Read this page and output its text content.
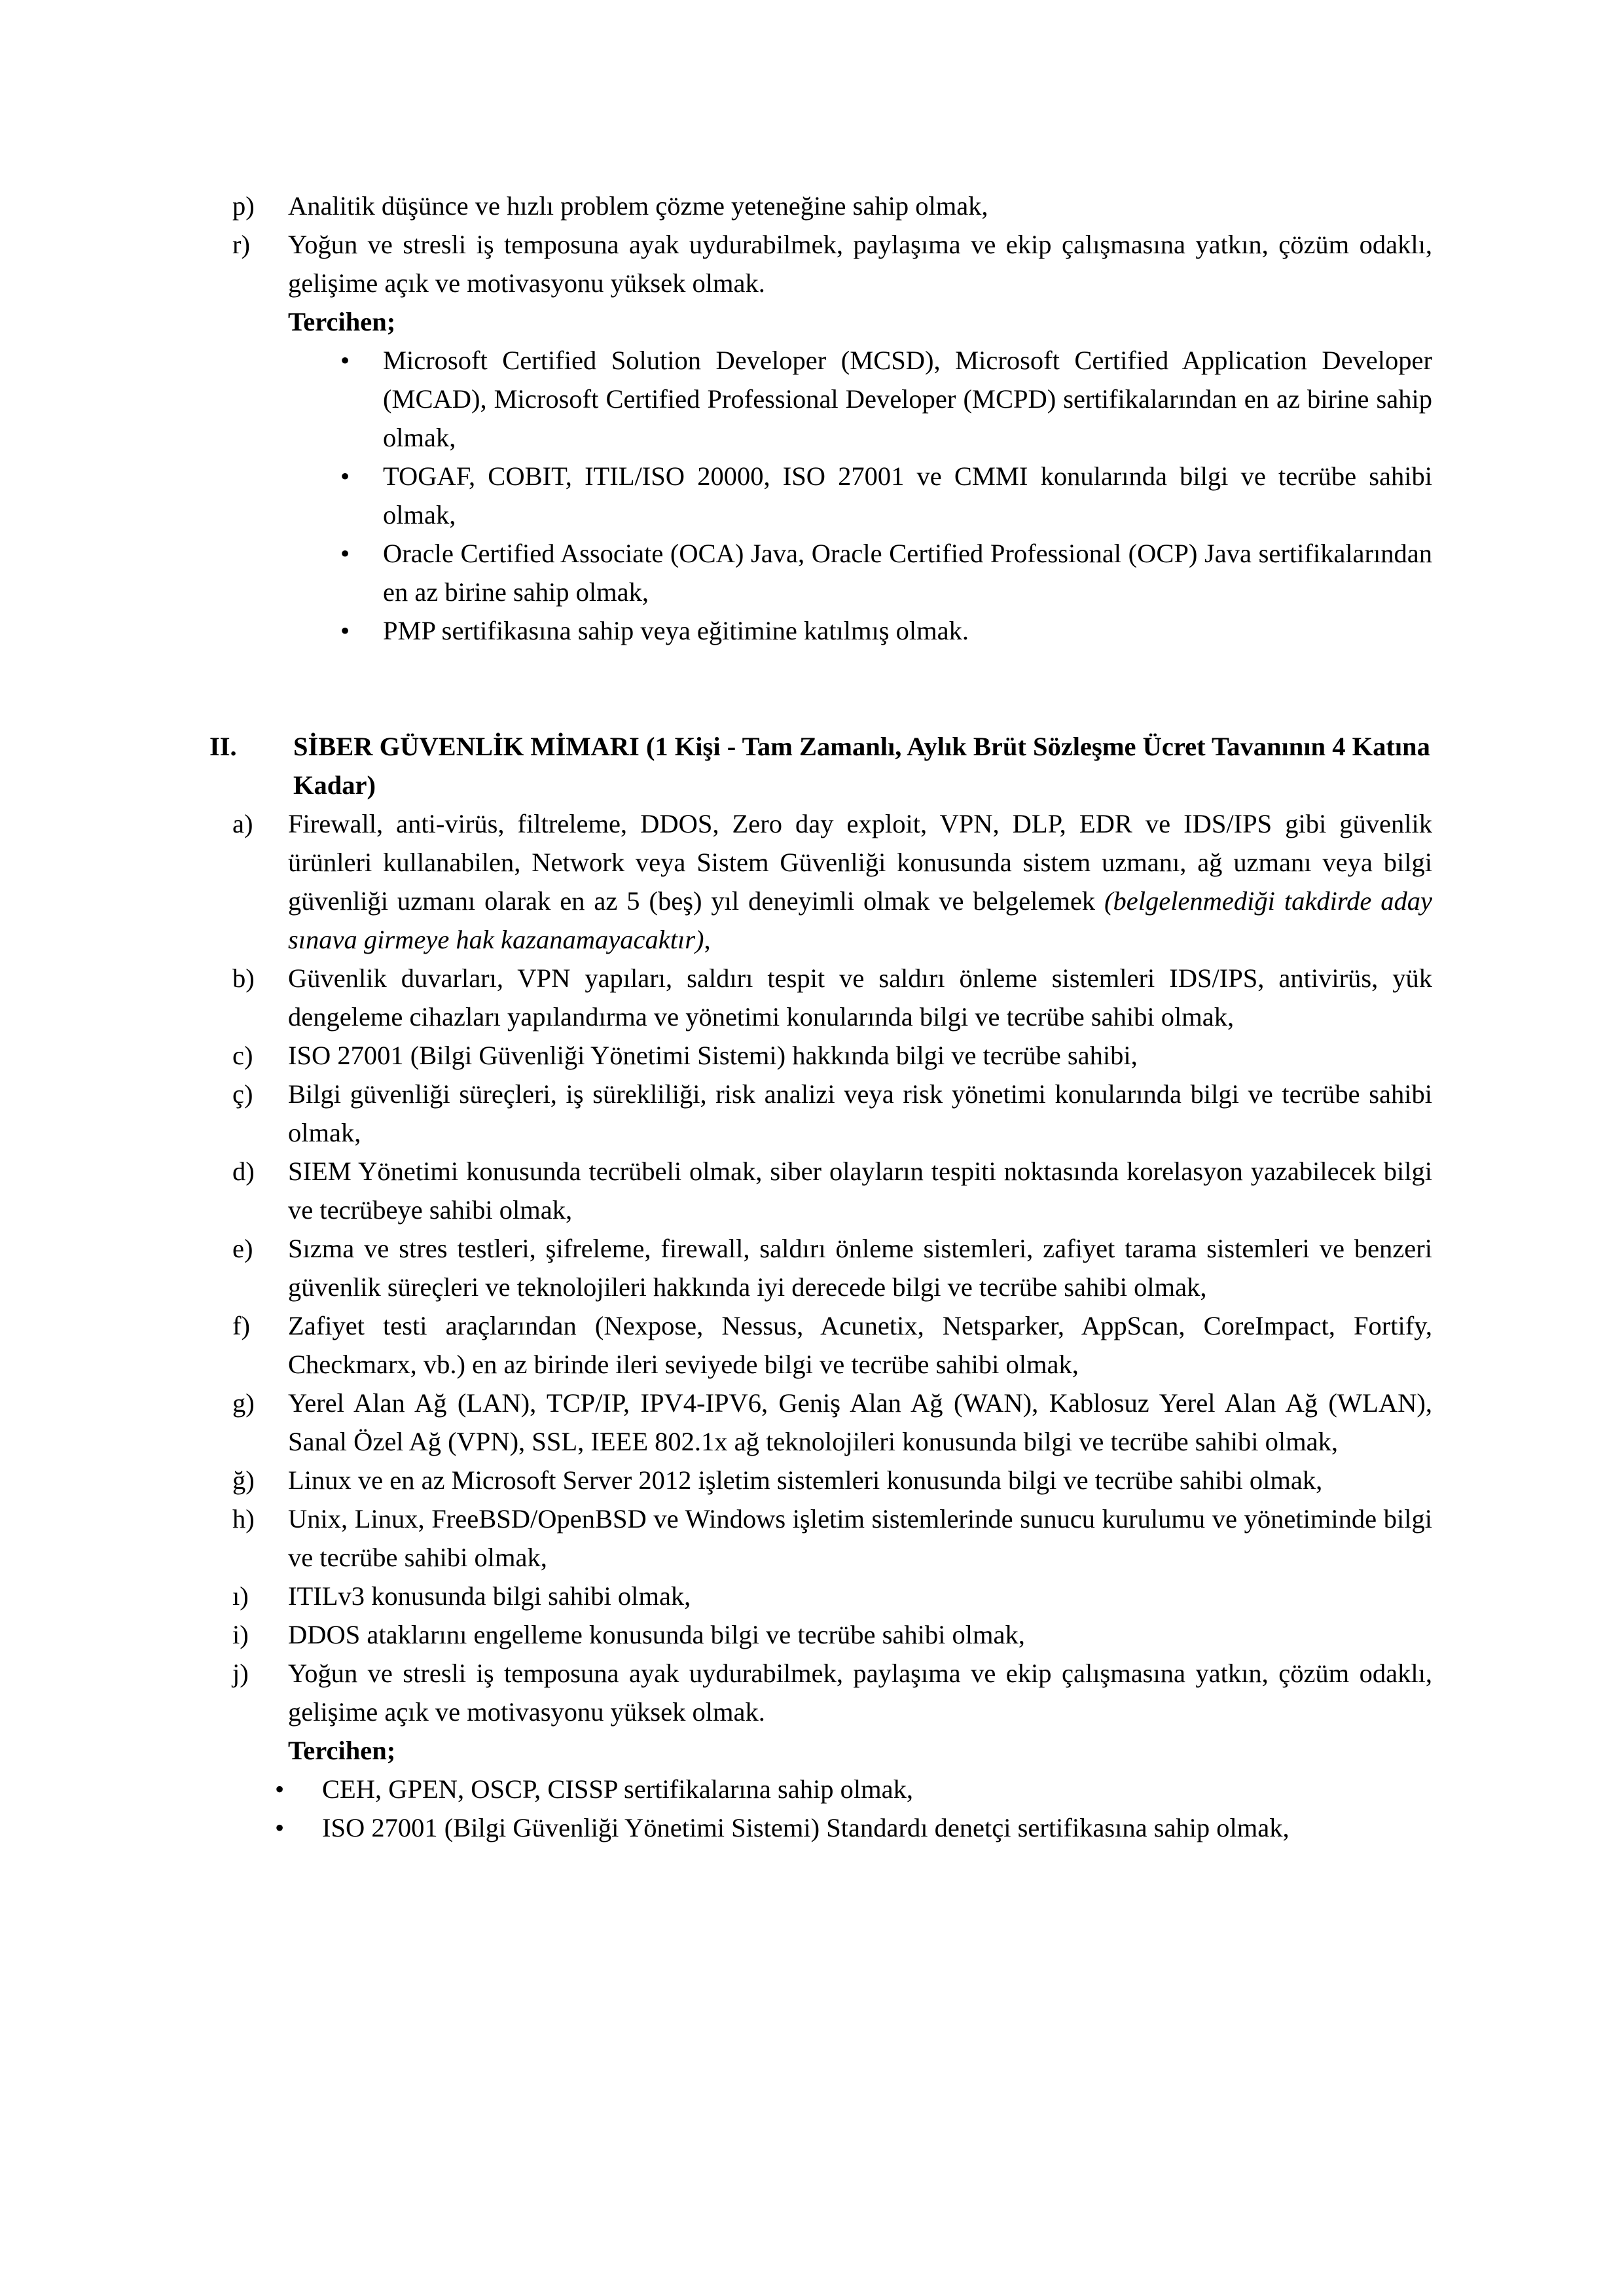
p)	Analitik düşünce ve hızlı problem çözme yeteneğine sahip olmak,
r)	Yoğun ve stresli iş temposuna ayak uydurabilmek, paylaşıma ve ekip çalışmasına yatkın, çözüm odaklı, gelişime açık ve motivasyonu yüksek olmak.
Tercihen;
• Microsoft Certified Solution Developer (MCSD), Microsoft Certified Application Developer (MCAD), Microsoft Certified Professional Developer (MCPD) sertifikalarından en az birine sahip olmak,
• TOGAF, COBIT, ITIL/ISO 20000, ISO 27001 ve CMMI konularında bilgi ve tecrübe sahibi olmak,
• Oracle Certified Associate (OCA) Java, Oracle Certified Professional (OCP) Java sertifikalarından en az birine sahip olmak,
• PMP sertifikasına sahip veya eğitimine katılmış olmak.
II. SİBER GÜVENLİK MİMARI (1 Kişi - Tam Zamanlı, Aylık Brüt Sözleşme Ücret Tavanının 4 Katına Kadar)
a)	Firewall, anti-virüs, filtreleme, DDOS, Zero day exploit, VPN, DLP, EDR ve IDS/IPS gibi güvenlik ürünleri kullanabilen, Network veya Sistem Güvenliği konusunda sistem uzmanı, ağ uzmanı veya bilgi güvenliği uzmanı olarak en az 5 (beş) yıl deneyimli olmak ve belgelemek (belgelenmediği takdirde aday sınava girmeye hak kazanamayacaktır),
b)	Güvenlik duvarları, VPN yapıları, saldırı tespit ve saldırı önleme sistemleri IDS/IPS, antivirüs, yük dengeleme cihazları yapılandırma ve yönetimi konularında bilgi ve tecrübe sahibi olmak,
c)	ISO 27001 (Bilgi Güvenliği Yönetimi Sistemi) hakkında bilgi ve tecrübe sahibi,
ç)	Bilgi güvenliği süreçleri, iş sürekliliği, risk analizi veya risk yönetimi konularında bilgi ve tecrübe sahibi olmak,
d)	SIEM Yönetimi konusunda tecrübeli olmak, siber olayların tespiti noktasında korelasyon yazabilecek bilgi ve tecrübeye sahibi olmak,
e)	Sızma ve stres testleri, şifreleme, firewall, saldırı önleme sistemleri, zafiyet tarama sistemleri ve benzeri güvenlik süreçleri ve teknolojileri hakkında iyi derecede bilgi ve tecrübe sahibi olmak,
f)	Zafiyet testi araçlarından (Nexpose, Nessus, Acunetix, Netsparker, AppScan, CoreImpact, Fortify, Checkmarx, vb.) en az birinde ileri seviyede bilgi ve tecrübe sahibi olmak,
g)	Yerel Alan Ağ (LAN), TCP/IP, IPV4-IPV6, Geniş Alan Ağ (WAN), Kablosuz Yerel Alan Ağ (WLAN), Sanal Özel Ağ (VPN), SSL, IEEE 802.1x ağ teknolojileri konusunda bilgi ve tecrübe sahibi olmak,
ğ)	Linux ve en az Microsoft Server 2012 işletim sistemleri konusunda bilgi ve tecrübe sahibi olmak,
h)	Unix, Linux, FreeBSD/OpenBSD ve Windows işletim sistemlerinde sunucu kurulumu ve yönetiminde bilgi ve tecrübe sahibi olmak,
ı)	ITILv3 konusunda bilgi sahibi olmak,
i)	DDOS ataklarını engelleme konusunda bilgi ve tecrübe sahibi olmak,
j)	Yoğun ve stresli iş temposuna ayak uydurabilmek, paylaşıma ve ekip çalışmasına yatkın, çözüm odaklı, gelişime açık ve motivasyonu yüksek olmak.
Tercihen;
• CEH, GPEN, OSCP, CISSP sertifikalarına sahip olmak,
• ISO 27001 (Bilgi Güvenliği Yönetimi Sistemi) Standardı denetçi sertifikasına sahip olmak,
